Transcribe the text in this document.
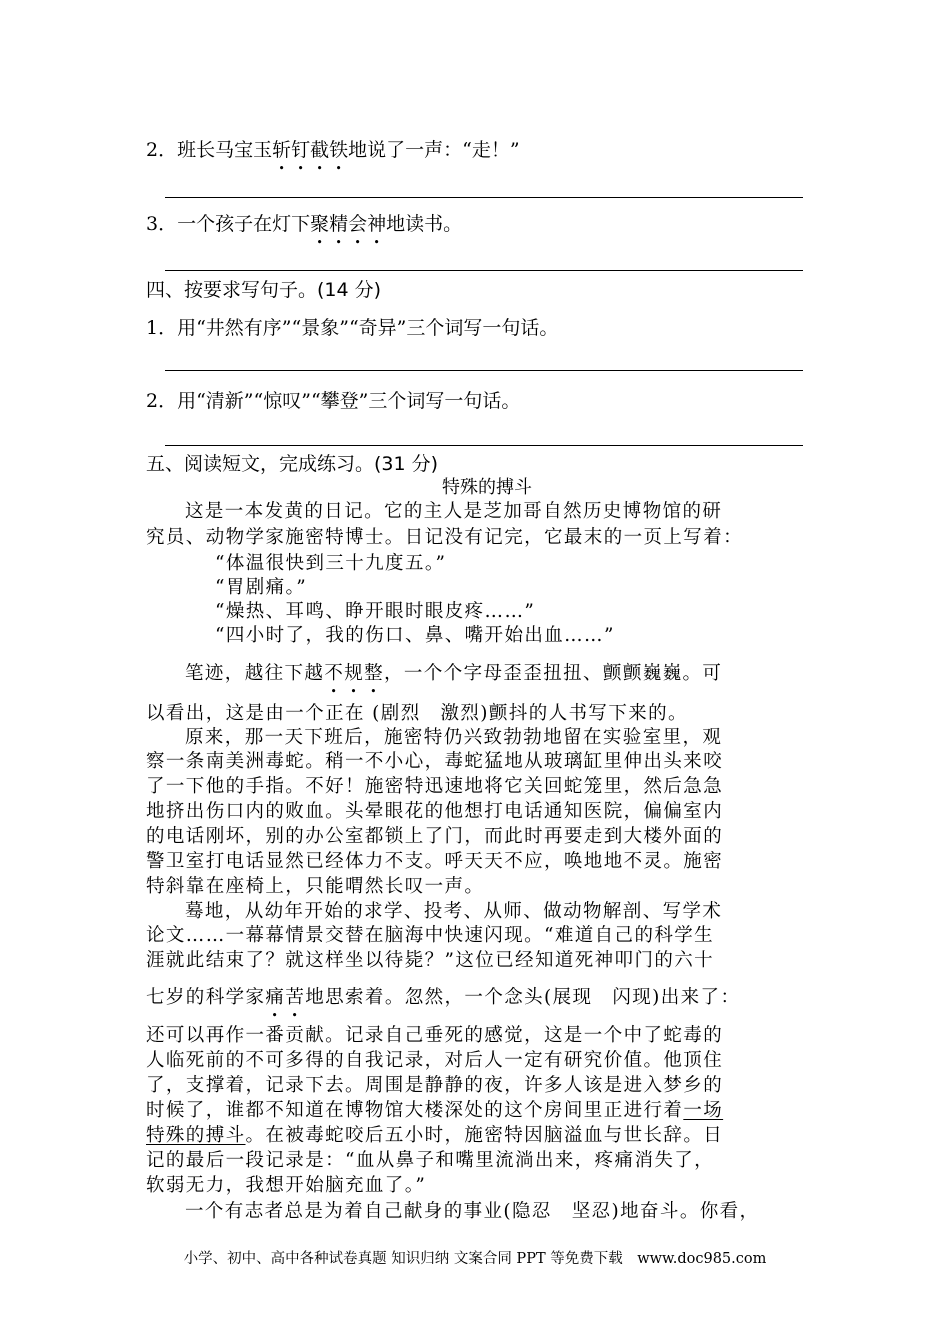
2．班长马宝玉斩钉截铁地说了一声：“走！”
3．一个孩子在灯下聚精会神地读书。
四、按要求写句子。(14 分)
1．用“井然有序”“景象”“奇异”三个词写一句话。
2．用“清新”“惊叹”“攀登”三个词写一句话。
五、阅读短文，完成练习。(31 分)
特殊的搏斗
这是一本发黄的日记。它的主人是芝加哥自然历史博物馆的研
究员、动物学家施密特博士。日记没有记完，它最末的一页上写着：
“体温很快到三十九度五。”
“胃剧痛。”
“燥热、耳鸣、睁开眼时眼皮疼……”
“四小时了，我的伤口、鼻、嘴开始出血……”
笔迹，越往下越不规整，一个个字母歪歪扭扭、颤颤巍巍。可
以看出，这是由一个正在 (剧烈　激烈)颤抖的人书写下来的。
原来，那一天下班后，施密特仍兴致勃勃地留在实验室里，观
察一条南美洲毒蛇。稍一不小心，毒蛇猛地从玻璃缸里伸出头来咬
了一下他的手指。不好！施密特迅速地将它关回蛇笼里，然后急急
地挤出伤口内的败血。头晕眼花的他想打电话通知医院，偏偏室内
的电话刚坏，别的办公室都锁上了门，而此时再要走到大楼外面的
警卫室打电话显然已经体力不支。呼天天不应，唤地地不灵。施密
特斜靠在座椅上，只能喟然长叹一声。
蓦地，从幼年开始的求学、投考、从师、做动物解剖、写学术
论文……一幕幕情景交替在脑海中快速闪现。“难道自己的科学生
涯就此结束了？就这样坐以待毙？”这位已经知道死神叩门的六十
七岁的科学家痛苦地思索着。忽然，一个念头(展现　闪现)出来了：
还可以再作一番贡献。记录自己垂死的感觉，这是一个中了蛇毒的
人临死前的不可多得的自我记录，对后人一定有研究价值。他顶住
了，支撑着，记录下去。周围是静静的夜，许多人该是进入梦乡的
时候了，谁都不知道在博物馆大楼深处的这个房间里正进行着一场
特殊的搏斗。在被毒蛇咬后五小时，施密特因脑溢血与世长辞。日
记的最后一段记录是：“血从鼻子和嘴里流淌出来，疼痛消失了，
软弱无力，我想开始脑充血了。”
一个有志者总是为着自己献身的事业(隐忍　坚忍)地奋斗。你看，
小学、初中、高中各种试卷真题 知识归纳 文案合同 PPT 等免费下载　www.doc985.com
